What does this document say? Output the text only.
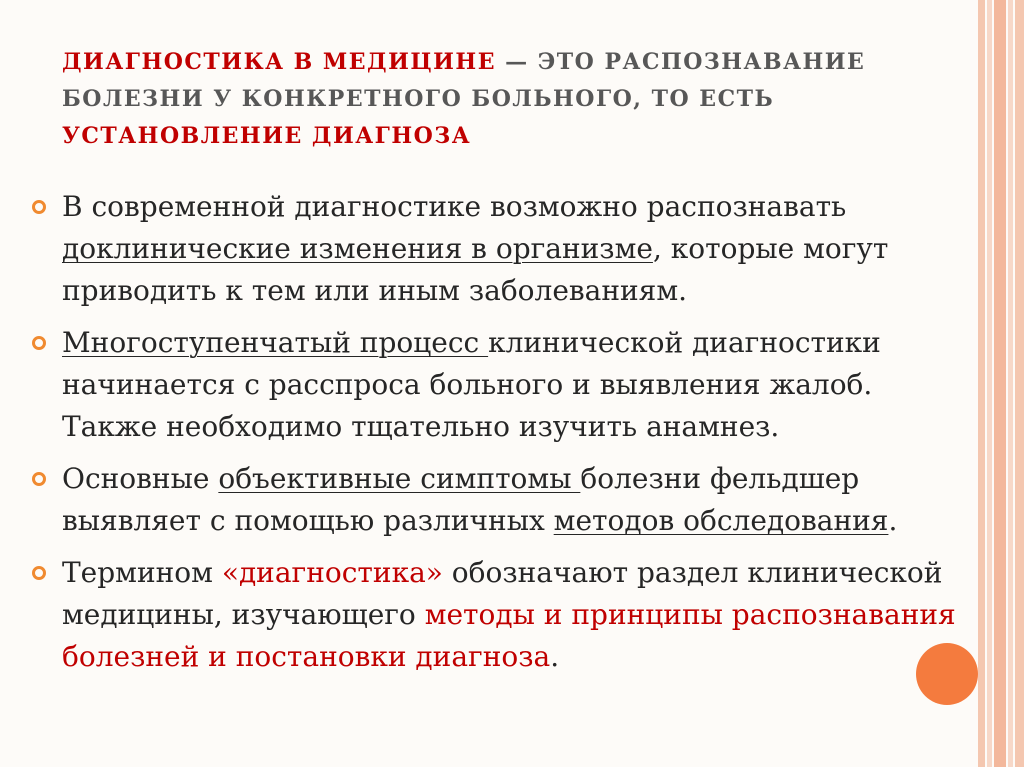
ДИАГНОСТИКА В МЕДИЦИНЕ — ЭТО РАСПОЗНАВАНИЕ БОЛЕЗНИ У КОНКРЕТНОГО БОЛЬНОГО, ТО ЕСТЬ УСТАНОВЛЕНИЕ ДИАГНОЗА
В современной диагностике возможно распознавать доклинические изменения в организме, которые могут приводить к тем или иным заболеваниям.
Многоступенчатый процесс клинической диагностики начинается с расспроса больного и выявления жалоб. Также необходимо тщательно изучить анамнез.
Основные объективные симптомы болезни фельдшер выявляет с помощью различных методов обследования.
Термином «диагностика» обозначают раздел клинической медицины, изучающего методы и принципы распознавания болезней и постановки диагноза.
